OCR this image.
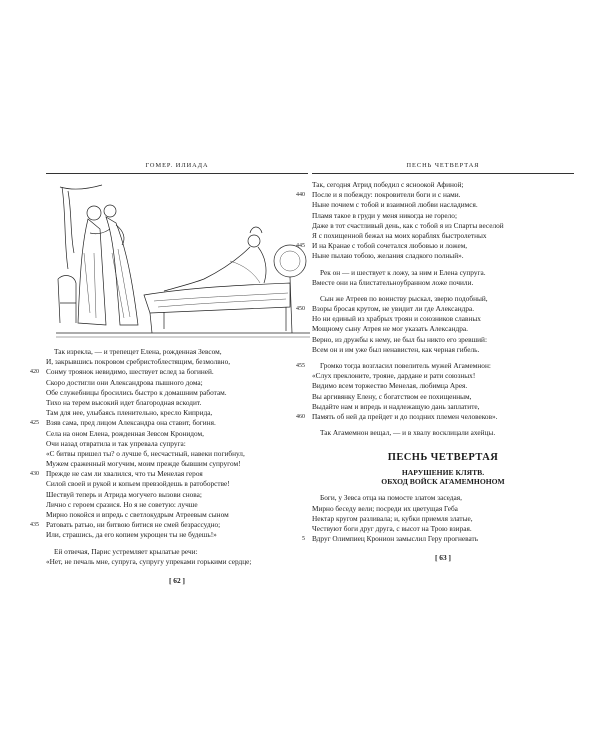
ГОМЕР. ИЛИАДА
Так изрекла, — и трепещет Елена, рожденная Зевсом,
И, закрывшись покровом сребристоблестящим, безмолвно,
420 Сонму троянок невидимо, шествует вслед за богиней.
Скоро достигли они Александрова пышного дома;
Обе служебницы бросились быстро к домашним работам.
Тихо на терем высокий идет благородная вскодит.
Там для нее, улыбаясь пленительно, кресло Киприда,
425 Взяв сама, пред лицом Александра она ставит, богиня.
Села на оном Елена, рожденная Зевсом Кронидом,
Очи назад отвратила и так упревала супруга:
«С битвы пришел ты? о лучше б, несчастный, навеки погибнул,
Мужем сраженный могучим, моим прежде бывшим супругом!
430 Прежде не сам ли хвалился, что ты Менелая героя
Силой своей и рукой и копьем превзойдешь в ратоборстве!
Шествуй теперь и Атрида могучего вызови снова;
Лично с героем сразися. Но я не советую: лучше
Мирно покойся и впредь с светлокудрым Атреевым сыном
435 Ратовать ратью, ни битвою битися не смей безрассудно;
Или, страшись, да его копием укрощен ты не будешь!»
Ей отвечая, Парис устремляет крылатые речи:
«Нет, не печаль мне, супруга, супругу упреками горькими сердце;
[ 62 ]
ПЕСНЬ ЧЕТВЕРТАЯ
Так, сегодня Атрид победил с ясноокой Афиной;
440 После и я побежду: покровители боги и с нами.
Ныне почием с тобой и взаимной любви насладимся.
Пламя такое в груди у меня никогда не горело;
Даже в тот счастливый день, как с тобой я из Спарты веселой
Я с похищенной бежал на моих кораблях быстролетных
445 И на Кранае с тобой сочетался любовью и ложем,
Ныне пылаю тобою, желания сладкого полный».
Рек он — и шествует к ложу, за ним и Елена супруга.
Вместе они на блистательноубранном ложе почили.
Сын же Атреев по воинству рыскал, зверю подобный,
450 Взоры бросая крутом, не увидит ли где Александра.
Но ни единый из храбрых троян и союзников славных
Мощному сыну Атрея не мог указать Александра.
Верно, из дружбы к нему, не был бы никто его зревший:
Всем он и им уже был ненавистен, как черная гибель.
455 Громко тогда возгласил повелитель мужей Агамемнон:
«Слух преклоните, трояне, дардане и рати союзных!
Видимо всем торжество Менелая, любимца Арея.
Вы аргивянку Елену, с богатством ее похищенным,
Выдайте нам и впредь и надлежащую дань заплатите,
460 Память об ней да прейдет и до поздних племен человеков».
Так Агамемнон вещал, — и в хвалу восклицали ахейцы.
ПЕСНЬ ЧЕТВЕРТАЯ
НАРУШЕНИЕ КЛЯТВ.
ОБХОД ВОЙСК АГАМЕМНОНОМ
Боги, у Зевса отца на помосте златом заседая,
Мирно беседу вели; посреди их цветущая Геба
Нектар кругом разливала; и, кубки приемля златые,
Чествуют боги друг друга, с высот на Трою взирая.
5 Вдруг Олимпиец Кронион замыслил Геру прогневать
[ 63 ]
